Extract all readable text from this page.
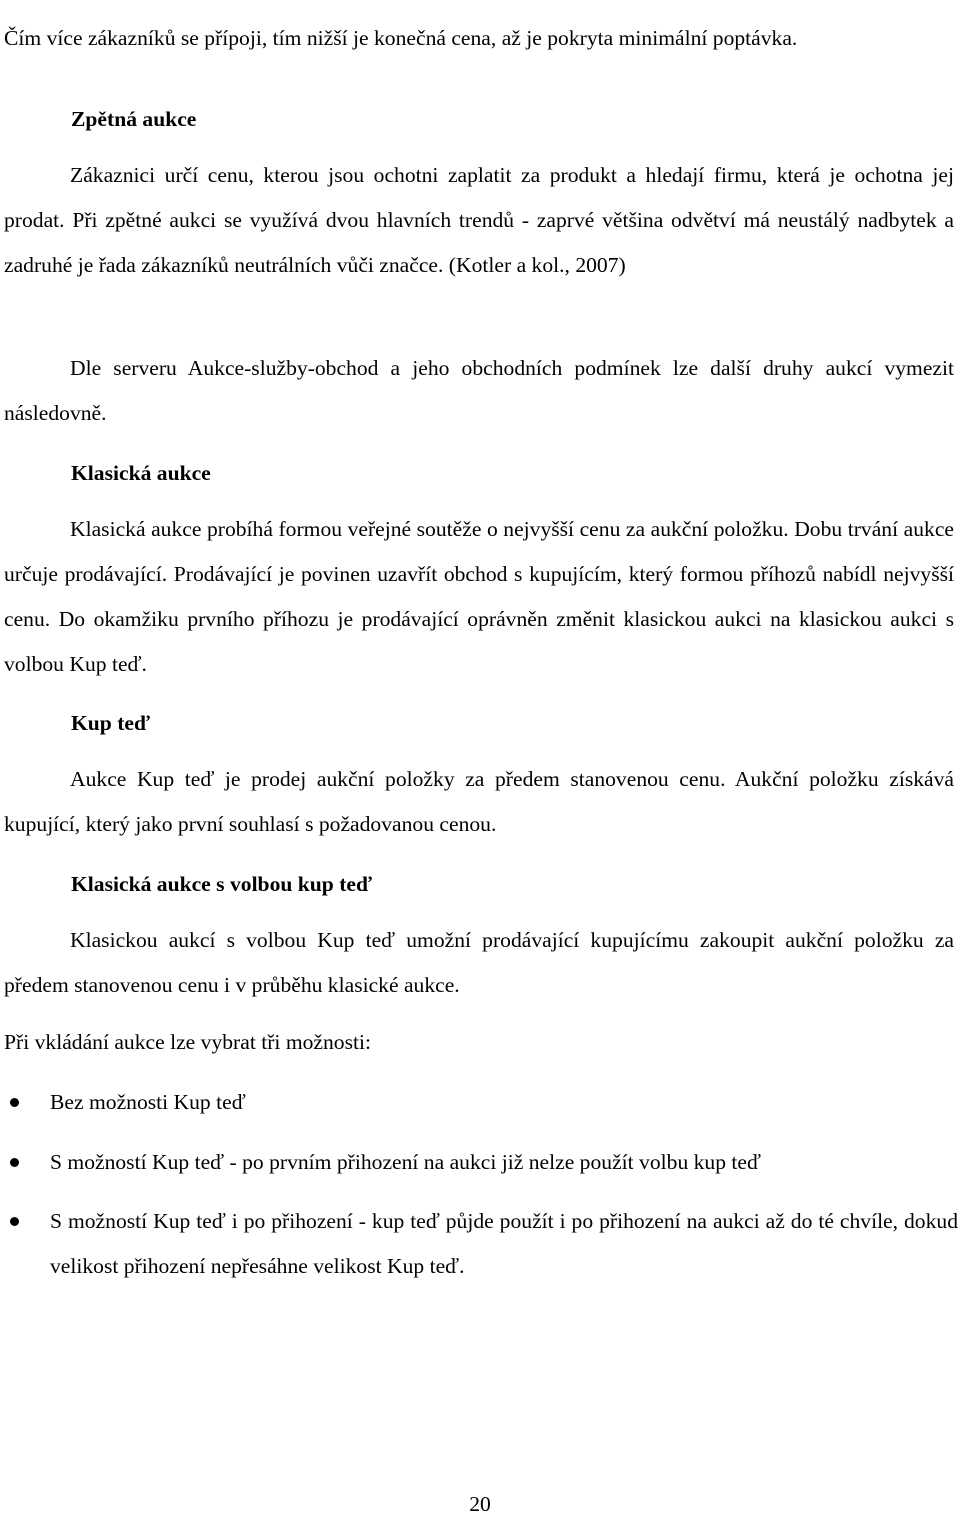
Čím více zákazníků se přípoji, tím nižší je konečná cena, až je pokryta minimální poptávka.

Zpětná aukce

Zákaznici určí cenu, kterou jsou ochotni zaplatit za produkt a hledají firmu, která je ochotna jej prodat. Při zpětné aukci se využívá dvou hlavních trendů - zaprvé většina odvětví má neustálý nadbytek a zadruhé je řada zákazníků neutrálních vůči značce. (Kotler a kol., 2007)

Dle serveru Aukce-služby-obchod a jeho obchodních podmínek lze další druhy aukcí vymezit následovně.

Klasická aukce

Klasická aukce probíhá formou veřejné soutěže o nejvyšší cenu za aukční položku. Dobu trvání aukce určuje prodávající. Prodávající je povinen uzavřít obchod s kupujícím, který formou příhozů nabídl nejvyšší cenu. Do okamžiku prvního příhozu je prodávající oprávněn změnit klasickou aukci na klasickou aukci s volbou Kup teď.

Kup teď

Aukce Kup teď je prodej aukční položky za předem stanovenou cenu. Aukční položku získává kupující, který jako první souhlasí s požadovanou cenou.

Klasická aukce s volbou kup teď

Klasickou aukcí s volbou Kup teď umožní prodávající kupujícímu zakoupit aukční položku za předem stanovenou cenu i v průběhu klasické aukce.

Při vkládání aukce lze vybrat tři možnosti:

Bez možnosti Kup teď

S možností Kup teď - po prvním přihození na aukci již nelze použít volbu kup teď

S možností Kup teď i po přihození - kup teď půjde použít i po přihození na aukci až do té chvíle, dokud velikost přihození nepřesáhne velikost Kup teď.

20
